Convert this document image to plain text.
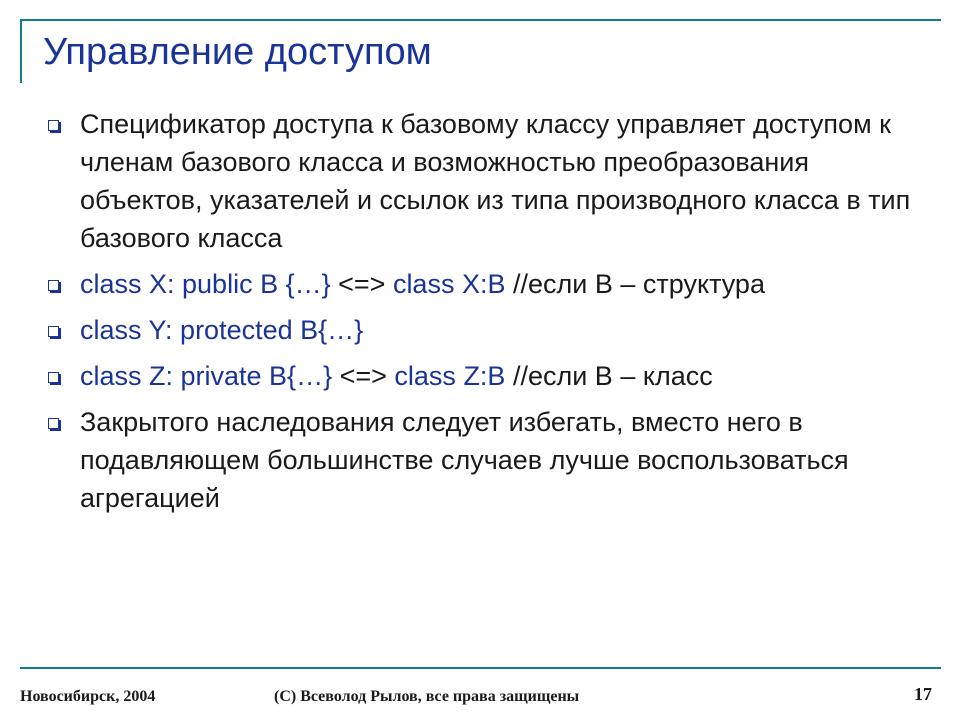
Управление доступом
Спецификатор доступа к базовому классу управляет доступом к членам базового класса и возможностью преобразования объектов, указателей и ссылок из типа производного класса в тип базового класса
class X: public B {…} <=> class X:B //если B – структура
class Y: protected B{…}
class Z: private B{…} <=> class Z:B //если B – класс
Закрытого наследования следует избегать, вместо него в подавляющем большинстве случаев лучше воспользоваться агрегацией
Новосибирск, 2004	(C) Всеволод Рылов, все права защищены	17
